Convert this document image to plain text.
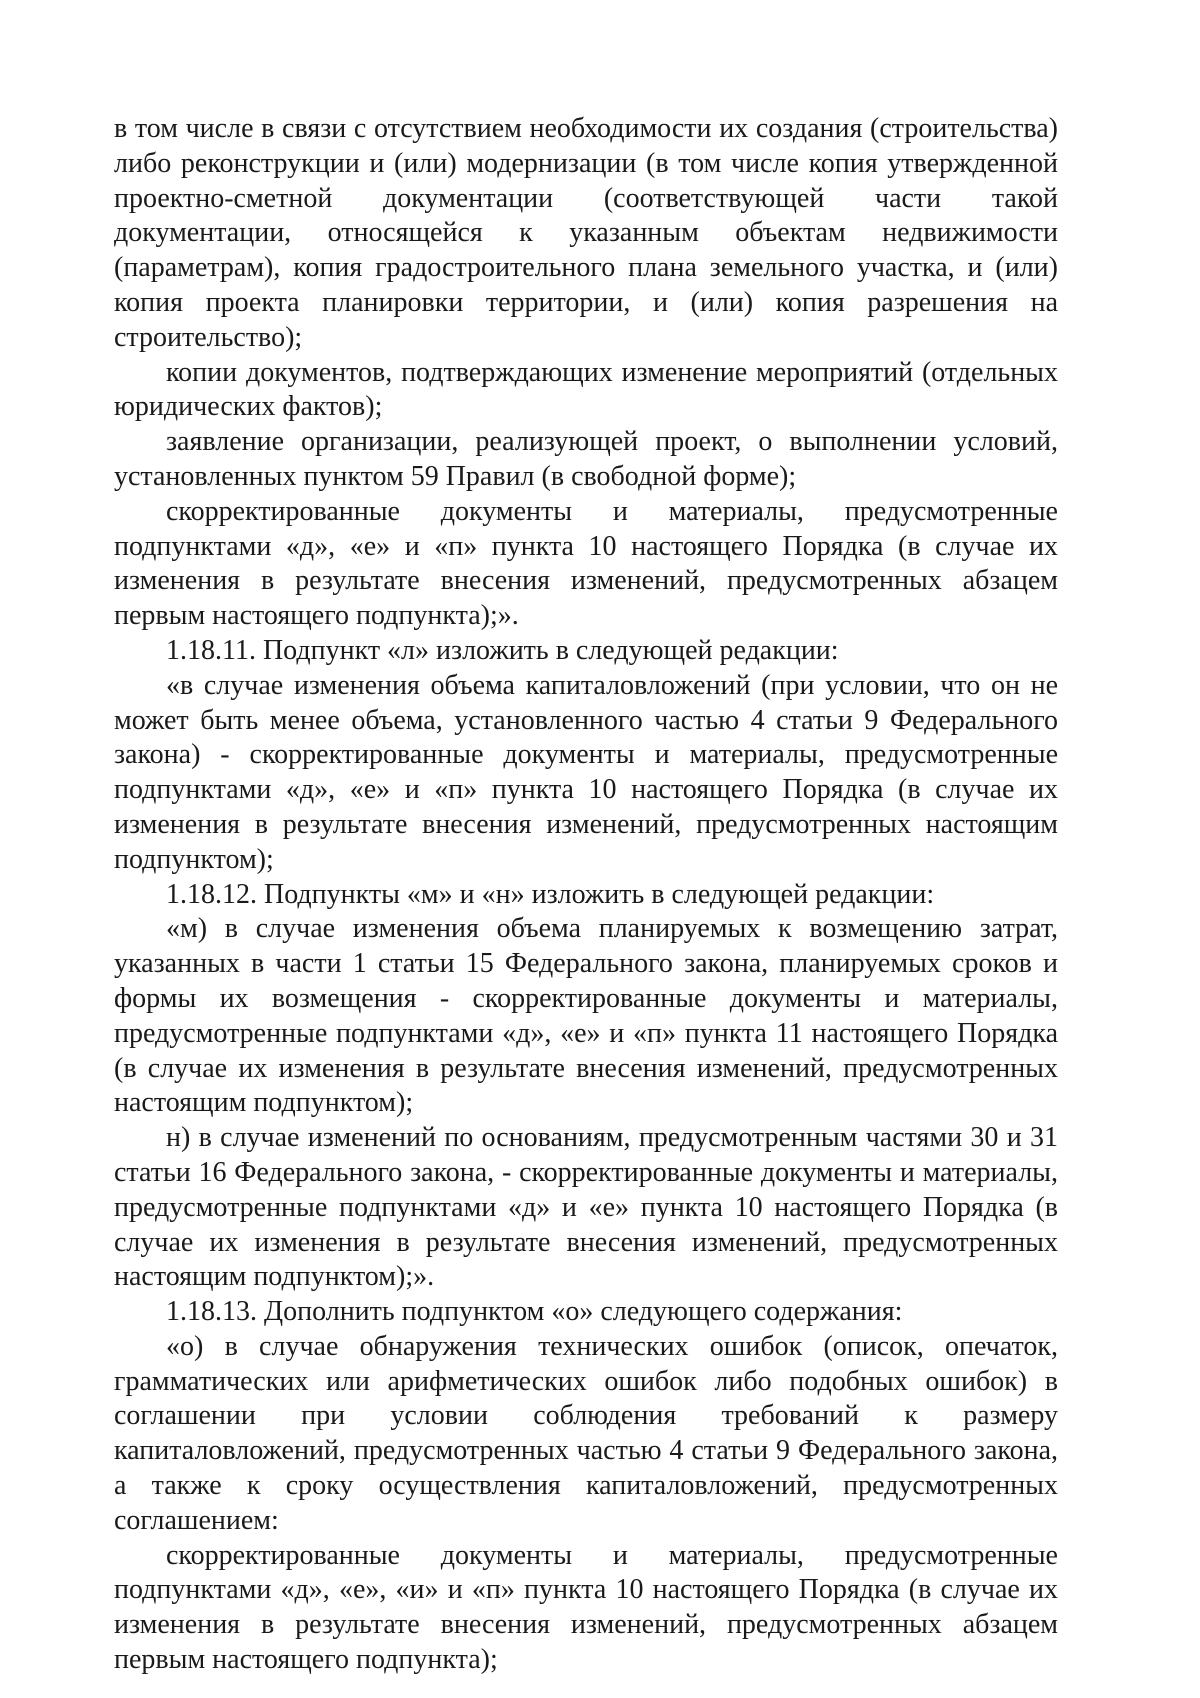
в том числе в связи с отсутствием необходимости их создания (строительства) либо реконструкции и (или) модернизации (в том числе копия утвержденной проектно-сметной документации (соответствующей части такой документации, относящейся к указанным объектам недвижимости (параметрам), копия градостроительного плана земельного участка, и (или) копия проекта планировки территории, и (или) копия разрешения на строительство);

копии документов, подтверждающих изменение мероприятий (отдельных юридических фактов);

заявление организации, реализующей проект, о выполнении условий, установленных пунктом 59 Правил (в свободной форме);

скорректированные документы и материалы, предусмотренные подпунктами «д», «е» и «п» пункта 10 настоящего Порядка (в случае их изменения в результате внесения изменений, предусмотренных абзацем первым настоящего подпункта);».

1.18.11. Подпункт «л» изложить в следующей редакции:

«в случае изменения объема капиталовложений (при условии, что он не может быть менее объема, установленного частью 4 статьи 9 Федерального закона) - скорректированные документы и материалы, предусмотренные подпунктами «д», «е» и «п» пункта 10 настоящего Порядка (в случае их изменения в результате внесения изменений, предусмотренных настоящим подпунктом);

1.18.12. Подпункты «м» и «н» изложить в следующей редакции:

«м) в случае изменения объема планируемых к возмещению затрат, указанных в части 1 статьи 15 Федерального закона, планируемых сроков и формы их возмещения - скорректированные документы и материалы, предусмотренные подпунктами «д», «е» и «п» пункта 11 настоящего Порядка (в случае их изменения в результате внесения изменений, предусмотренных настоящим подпунктом);

н) в случае изменений по основаниям, предусмотренным частями 30 и 31 статьи 16 Федерального закона, - скорректированные документы и материалы, предусмотренные подпунктами «д» и «е» пункта 10 настоящего Порядка (в случае их изменения в результате внесения изменений, предусмотренных настоящим подпунктом);».

1.18.13. Дополнить подпунктом «о» следующего содержания:

«о) в случае обнаружения технических ошибок (описок, опечаток, грамматических или арифметических ошибок либо подобных ошибок) в соглашении при условии соблюдения требований к размеру капиталовложений, предусмотренных частью 4 статьи 9 Федерального закона, а также к сроку осуществления капиталовложений, предусмотренных соглашением:

скорректированные документы и материалы, предусмотренные подпунктами «д», «е», «и» и «п» пункта 10 настоящего Порядка (в случае их изменения в результате внесения изменений, предусмотренных абзацем первым настоящего подпункта);
